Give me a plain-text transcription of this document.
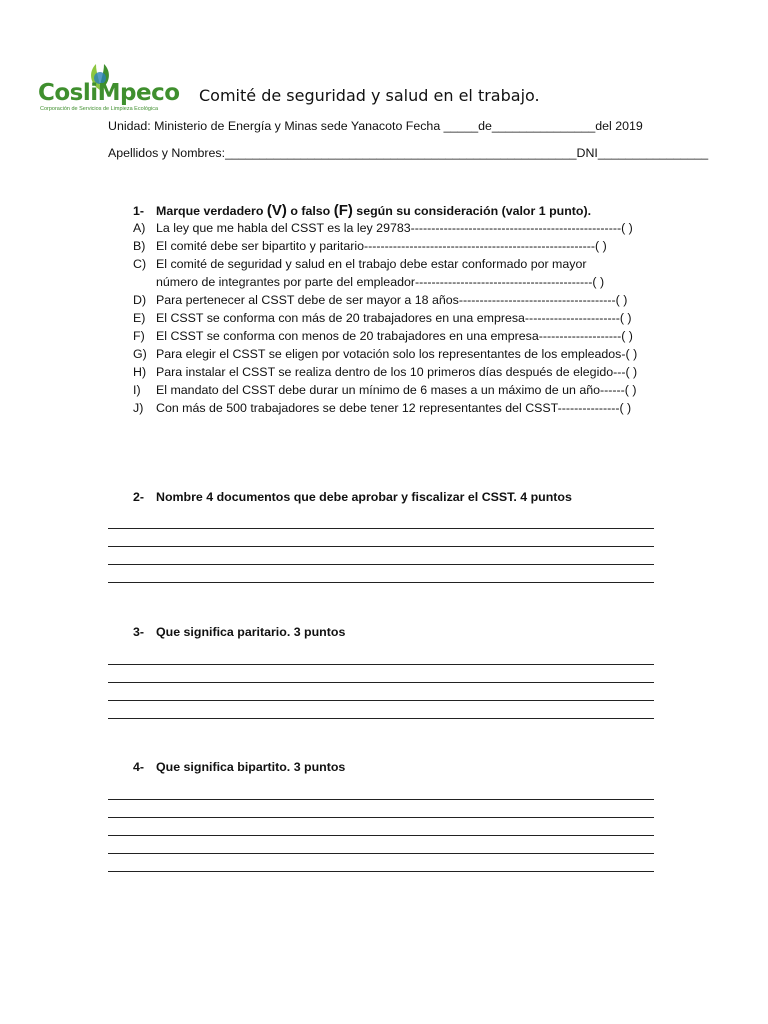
CosliMpeco
Corporación de Servicios de Limpieza Ecológica
Comité de seguridad y salud en el trabajo.
Unidad: Ministerio de Energía y Minas sede Yanacoto Fecha _____de_______________del 2019
Apellidos y Nombres:___________________________________________________DNI________________
1- Marque verdadero (V) o falso (F) según su consideración (valor 1 punto).
A) La ley que me habla del CSST es la ley 29783---------------------------------------------------( )
B) El comité debe ser bipartito y paritario--------------------------------------------------------( )
C) El comité de seguridad y salud en el trabajo debe estar conformado por mayor
número de integrantes por parte del empleador-------------------------------------------( )
D) Para pertenecer al CSST debe de ser mayor a 18 años--------------------------------------( )
E) El CSST se conforma con más de 20 trabajadores en una empresa-----------------------( )
F) El CSST se conforma con menos de 20 trabajadores en una empresa--------------------( )
G) Para elegir el CSST se eligen por votación solo los representantes de los empleados-( )
H) Para instalar el CSST se realiza dentro de los 10 primeros días después de elegido---( )
I) El mandato del CSST debe durar un mínimo de 6 mases a un máximo de un año------( )
J) Con más de 500 trabajadores se debe tener 12 representantes del CSST---------------( )
2- Nombre 4 documentos que debe aprobar y fiscalizar el CSST. 4 puntos
3- Que significa paritario. 3 puntos
4- Que significa bipartito. 3 puntos
